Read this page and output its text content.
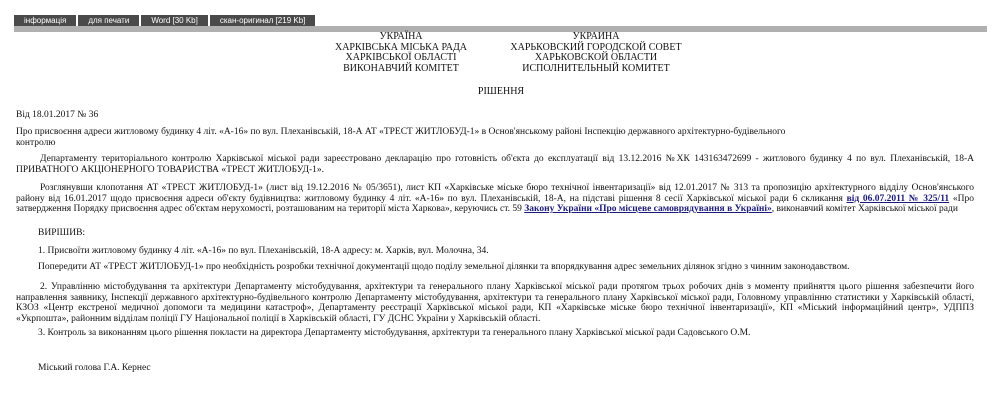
інформація	для печати	Word [30 Kb]	скан-оригинал [219 Kb]
УКРАЇНА
ХАРКІВСЬКА МІСЬКА РАДА
ХАРКІВСЬКОЇ ОБЛАСТІ
ВИКОНАВЧИЙ КОМІТЕТ
УКРАИНА
ХАРЬКОВСКИЙ ГОРОДСКОЙ СОВЕТ
ХАРЬКОВСКОЙ ОБЛАСТИ
ИСПОЛНИТЕЛЬНЫЙ КОМИТЕТ
РІШЕННЯ

Від 18.01.2017 № 36

Про присвоєння адреси житловому будинку 4 літ. «А-16» по вул. Плеханівській, 18-А АТ «ТРЕСТ ЖИТЛОБУД-1» в Основ'янському районі Інспекцію державного архітектурно-будівельного контролю

Департаменту територіального контролю Харківської міської ради зареєстровано декларацію про готовність об'єкта до експлуатації від 13.12.2016 №ХК 143163472699 - житлового будинку 4 по вул. Плеханівській, 18-А ПРИВАТНОГО АКЦІОНЕРНОГО ТОВАРИСТВА «ТРЕСТ ЖИТЛОБУД-1».

Розглянувши клопотання АТ «ТРЕСТ ЖИТЛОБУД-1» (лист від 19.12.2016 № 05/3651), лист КП «Харківське міське бюро технічної інвентаризації» від 12.01.2017 № 313 та пропозицію архітектурного відділу Основ'янського району від 16.01.2017 щодо присвоєння адреси об'єкту будівництва: житловому будинку 4 літ. «А-16» по вул. Плеханівській, 18-А, на підставі рішення 8 сесії Харківської міської ради 6 скликання від 06.07.2011 № 325/11 «Про затвердження Порядку присвоєння адрес об'єктам нерухомості, розташованим на території міста Харкова», керуючись ст. 59 Закону України «Про місцеве самоврядування в Україні», виконавчий комітет Харківської міської ради

ВИРІШИВ:

1. Присвоїти житловому будинку 4 літ. «А-16» по вул. Плеханівській, 18-А адресу: м. Харків, вул. Молочна, 34.

Попередити АТ «ТРЕСТ ЖИТЛОБУД-1» про необхідність розробки технічної документації щодо поділу земельної ділянки та впорядкування адрес земельних ділянок згідно з чинним законодавством.

2. Управлінню містобудування та архітектури Департаменту містобудування, архітектури та генерального плану Харківської міської ради протягом трьох робочих днів з моменту прийняття цього рішення забезпечити його направлення заявнику, Інспекції державного архітектурно-будівельного контролю Департаменту містобудування, архітектури та генерального плану Харківської міської ради, Головному управлінню статистики у Харківській області, КЗОЗ «Центр екстреної медичної допомоги та медицини катастроф», Департаменту реєстрації Харківської міської ради, КП «Харківське міське бюро технічної інвентаризації», КП «Міський інформаційний центр», УДППЗ «Укрпошта», районним відділам поліції ГУ Національної поліції в Харківській області, ГУ ДСНС України у Харківській області.

3. Контроль за виконанням цього рішення покласти на директора Департаменту містобудування, архітектури та генерального плану Харківської міської ради Садовського О.М.

Міський голова Г.А. Кернес
